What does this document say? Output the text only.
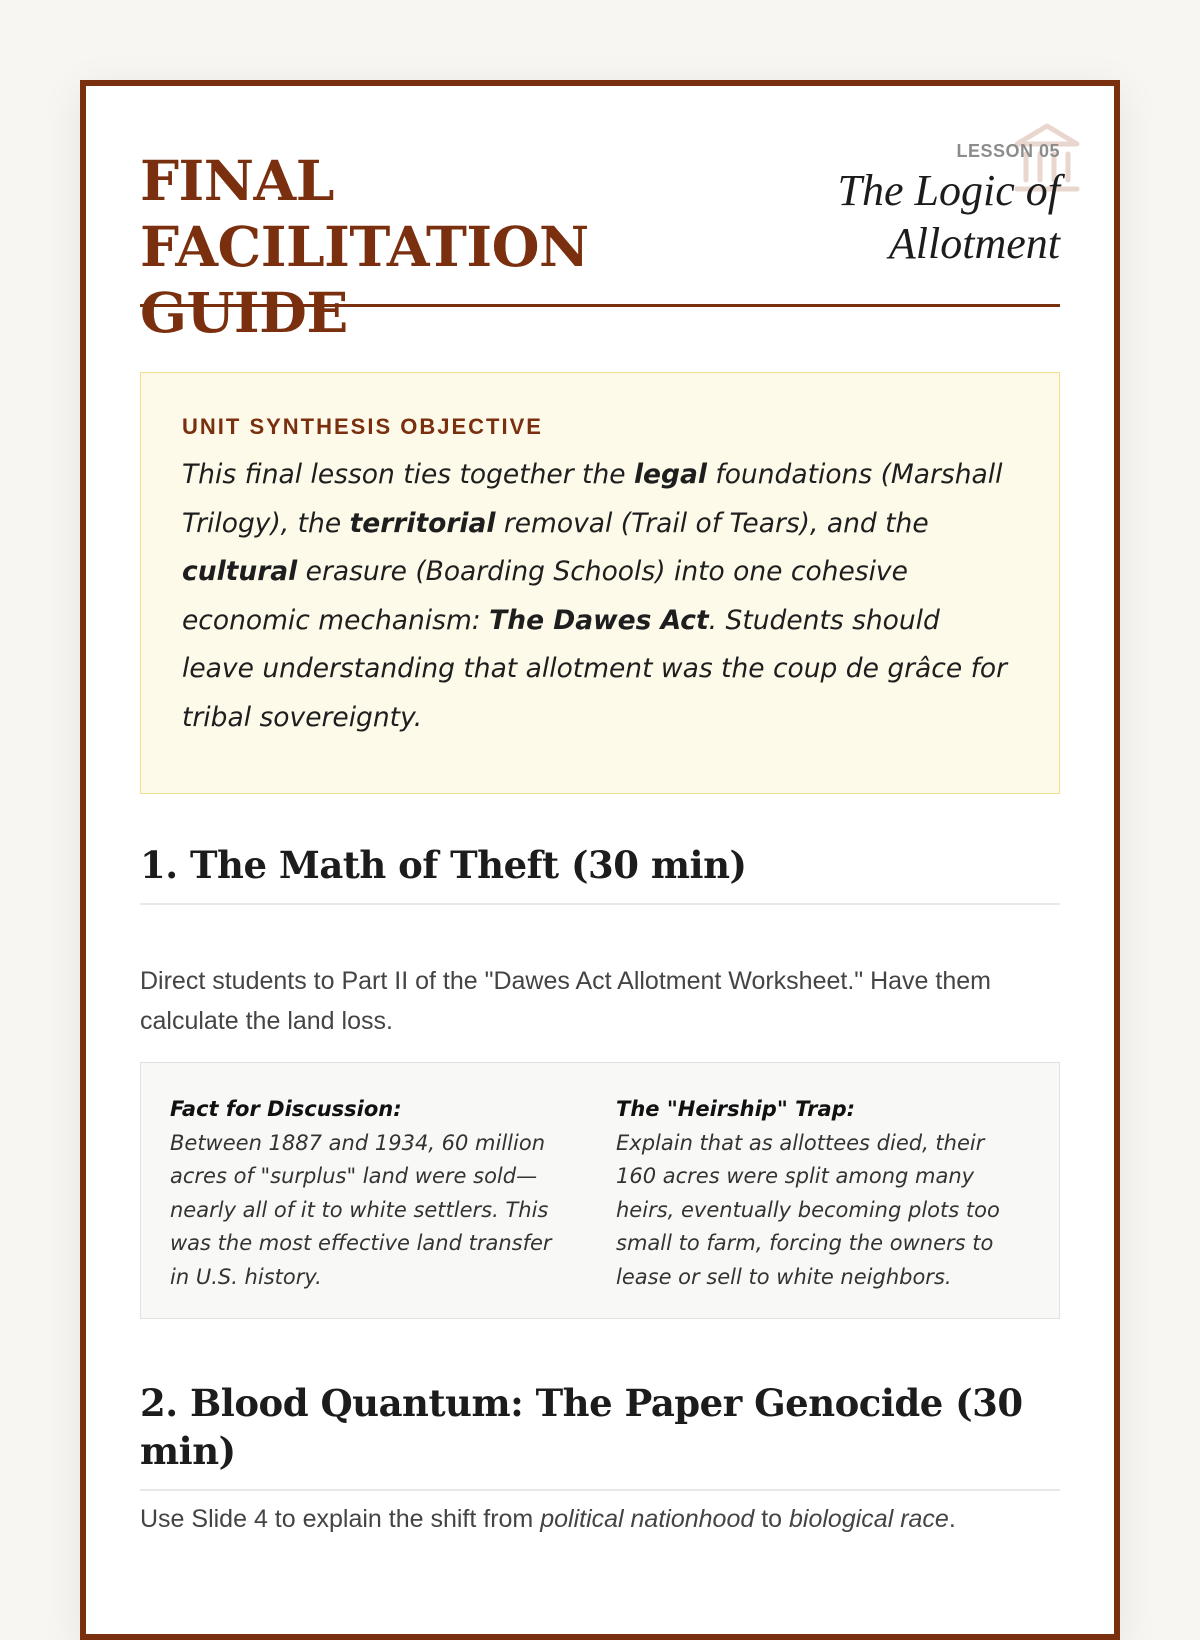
FINAL FACILITATION GUIDE
LESSON 05
The Logic of Allotment
UNIT SYNTHESIS OBJECTIVE
This final lesson ties together the legal foundations (Marshall Trilogy), the territorial removal (Trail of Tears), and the cultural erasure (Boarding Schools) into one cohesive economic mechanism: The Dawes Act. Students should leave understanding that allotment was the coup de grâce for tribal sovereignty.
1. The Math of Theft (30 min)

Direct students to Part II of the "Dawes Act Allotment Worksheet." Have them calculate the land loss.

Fact for Discussion:
Between 1887 and 1934, 60 million acres of "surplus" land were sold—nearly all of it to white settlers. This was the most effective land transfer in U.S. history.
The "Heirship" Trap:
Explain that as allottees died, their 160 acres were split among many heirs, eventually becoming plots too small to farm, forcing the owners to lease or sell to white neighbors.
2. Blood Quantum: The Paper Genocide (30 min)

Use Slide 4 to explain the shift from political nationhood to biological race.
